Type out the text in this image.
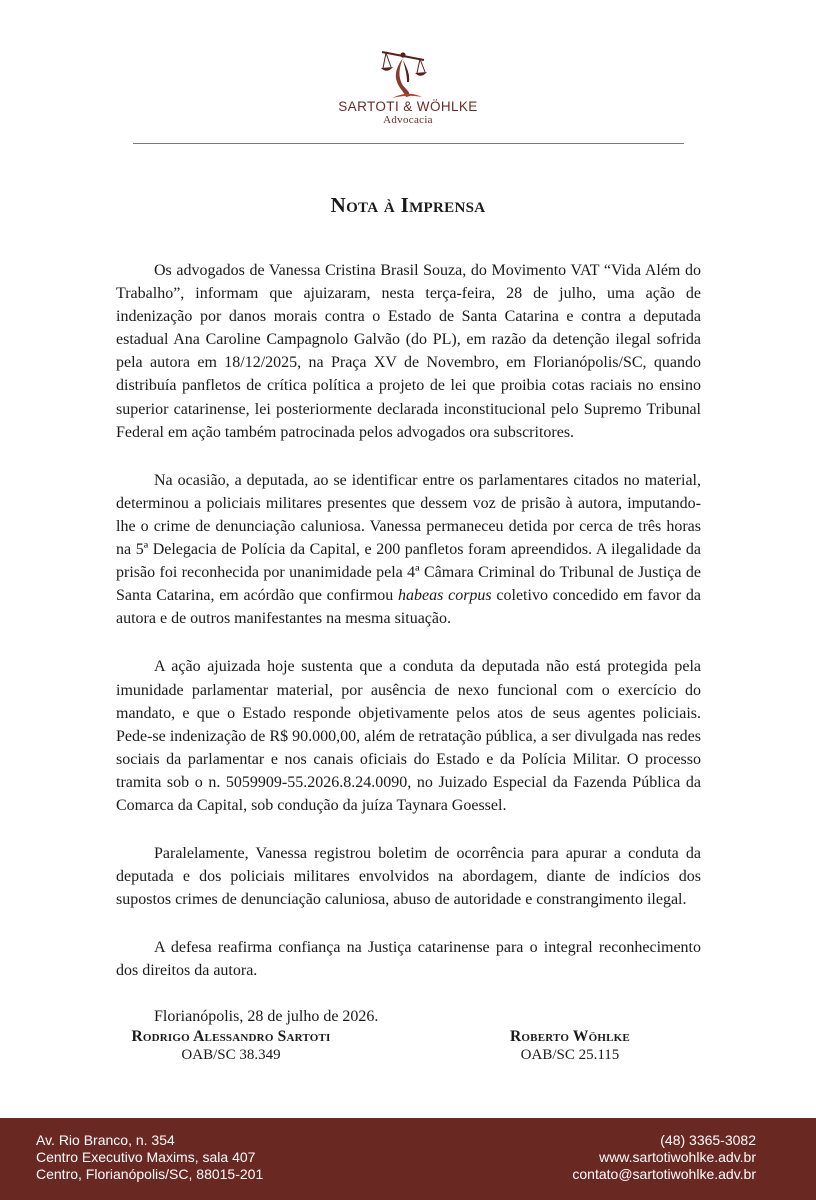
SARTOTI & WÖHLKE
Advocacia
Nota à Imprensa

Os advogados de Vanessa Cristina Brasil Souza, do Movimento VAT “Vida Além do Trabalho”, informam que ajuizaram, nesta terça-feira, 28 de julho, uma ação de indenização por danos morais contra o Estado de Santa Catarina e contra a deputada estadual Ana Caroline Campagnolo Galvão (do PL), em razão da detenção ilegal sofrida pela autora em 18/12/2025, na Praça XV de Novembro, em Florianópolis/SC, quando distribuía panfletos de crítica política a projeto de lei que proibia cotas raciais no ensino superior catarinense, lei posteriormente declarada inconstitucional pelo Supremo Tribunal Federal em ação também patrocinada pelos advogados ora subscritores.

Na ocasião, a deputada, ao se identificar entre os parlamentares citados no material, determinou a policiais militares presentes que dessem voz de prisão à autora, imputando-lhe o crime de denunciação caluniosa. Vanessa permaneceu detida por cerca de três horas na 5ª Delegacia de Polícia da Capital, e 200 panfletos foram apreendidos. A ilegalidade da prisão foi reconhecida por unanimidade pela 4ª Câmara Criminal do Tribunal de Justiça de Santa Catarina, em acórdão que confirmou habeas corpus coletivo concedido em favor da autora e de outros manifestantes na mesma situação.

A ação ajuizada hoje sustenta que a conduta da deputada não está protegida pela imunidade parlamentar material, por ausência de nexo funcional com o exercício do mandato, e que o Estado responde objetivamente pelos atos de seus agentes policiais. Pede-se indenização de R$ 90.000,00, além de retratação pública, a ser divulgada nas redes sociais da parlamentar e nos canais oficiais do Estado e da Polícia Militar. O processo tramita sob o n. 5059909-55.2026.8.24.0090, no Juizado Especial da Fazenda Pública da Comarca da Capital, sob condução da juíza Taynara Goessel.

Paralelamente, Vanessa registrou boletim de ocorrência para apurar a conduta da deputada e dos policiais militares envolvidos na abordagem, diante de indícios dos supostos crimes de denunciação caluniosa, abuso de autoridade e constrangimento ilegal.

A defesa reafirma confiança na Justiça catarinense para o integral reconhecimento dos direitos da autora.

Florianópolis, 28 de julho de 2026.

Rodrigo Alessandro Sartoti
OAB/SC 38.349
Roberto Wöhlke
OAB/SC 25.115
Av. Rio Branco, n. 354
Centro Executivo Maxims, sala 407
Centro, Florianópolis/SC, 88015-201
(48) 3365-3082
www.sartotiwohlke.adv.br
contato@sartotiwohlke.adv.br
